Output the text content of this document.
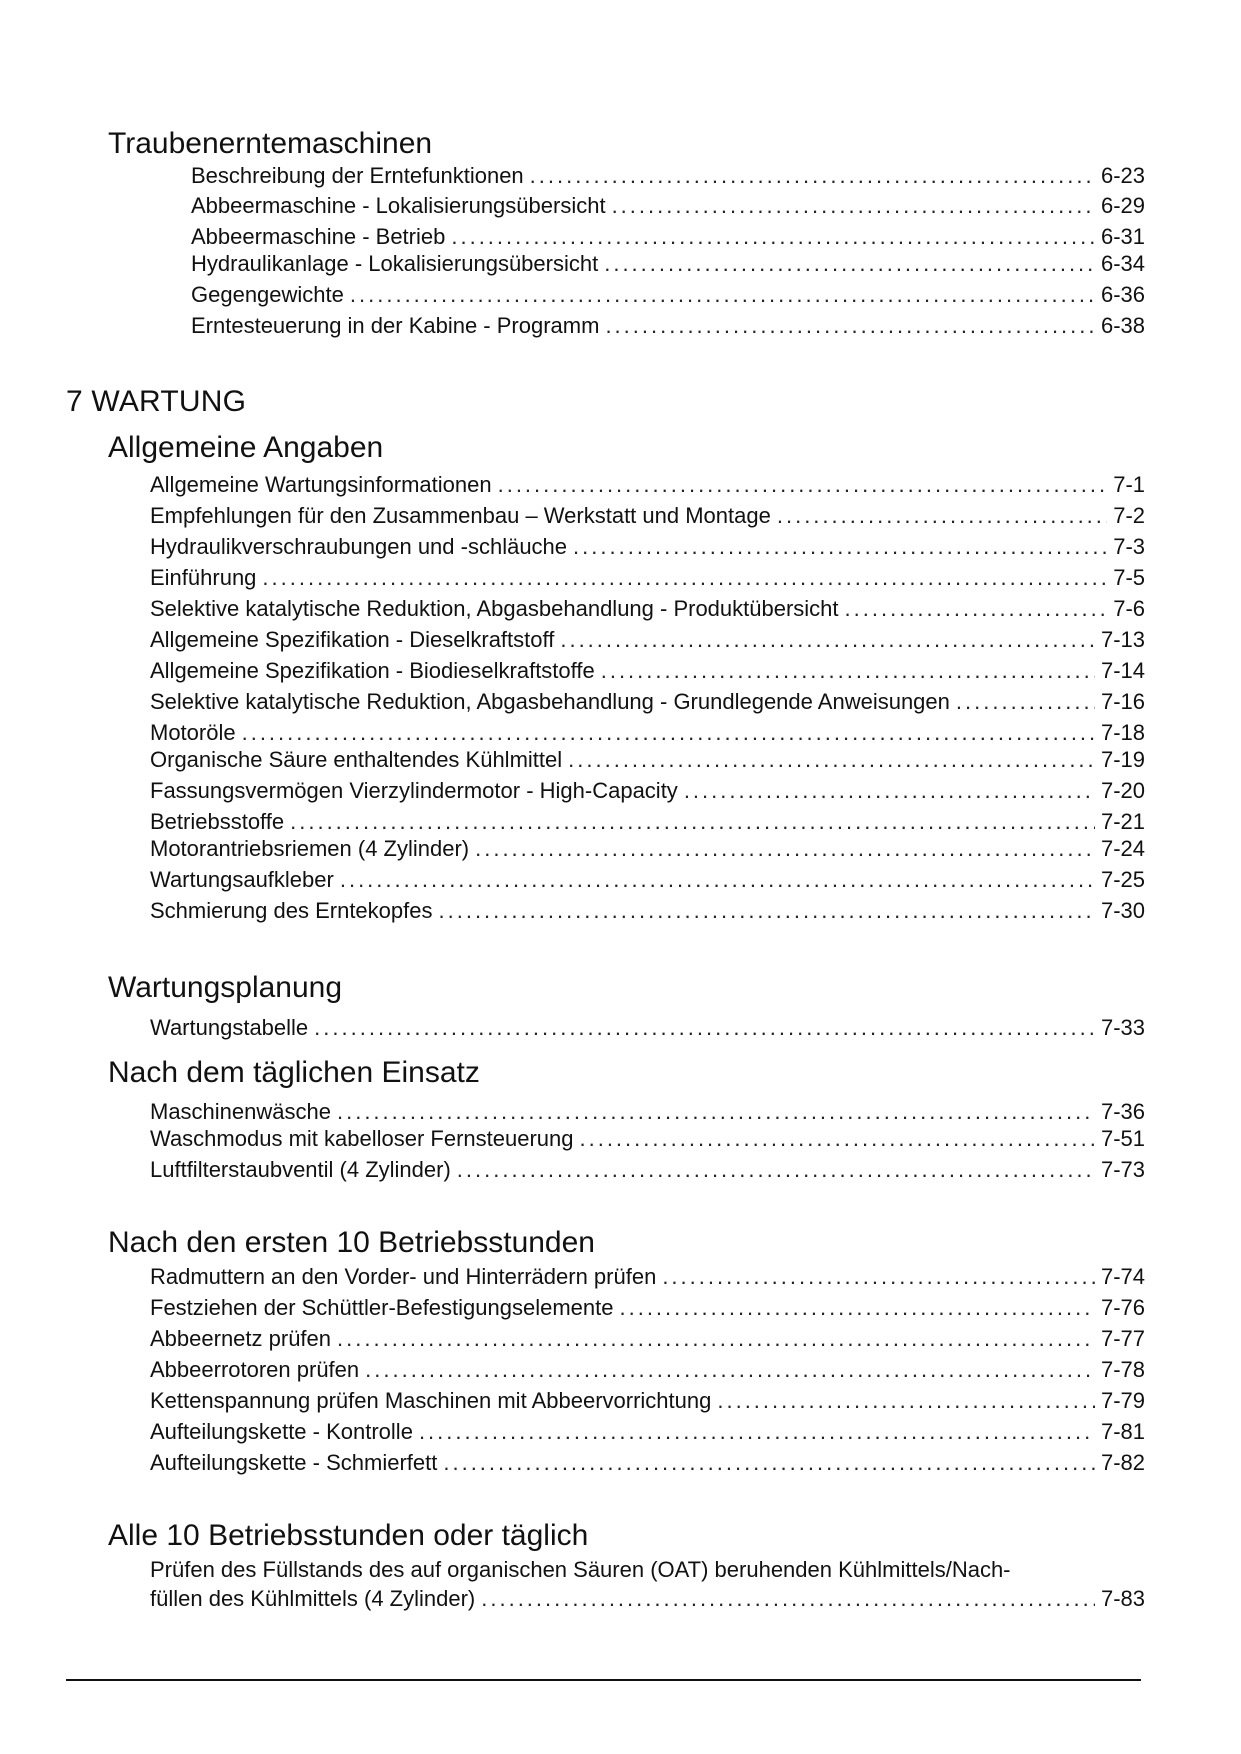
Traubenerntemaschinen
Beschreibung der Erntefunktionen .....	6-23
Abbeermaschine - Lokalisierungsübersicht .....	6-29
Abbeermaschine - Betrieb .....	6-31
Hydraulikanlage - Lokalisierungsübersicht .....	6-34
Gegengewichte .....	6-36
Erntesteuerung in der Kabine - Programm .....	6-38
7 WARTUNG
Allgemeine Angaben
Allgemeine Wartungsinformationen .....	7-1
Empfehlungen für den Zusammenbau – Werkstatt und Montage .....	7-2
Hydraulikverschraubungen und -schläuche .....	7-3
Einführung .....	7-5
Selektive katalytische Reduktion, Abgasbehandlung - Produktübersicht .....	7-6
Allgemeine Spezifikation - Dieselkraftstoff .....	7-13
Allgemeine Spezifikation - Biodieselkraftstoffe .....	7-14
Selektive katalytische Reduktion, Abgasbehandlung - Grundlegende Anweisungen .....	7-16
Motoröle .....	7-18
Organische Säure enthaltendes Kühlmittel .....	7-19
Fassungsvermögen Vierzylindermotor - High-Capacity .....	7-20
Betriebsstoffe .....	7-21
Motorantriebsriemen (4 Zylinder) .....	7-24
Wartungsaufkleber .....	7-25
Schmierung des Erntekopfes .....	7-30
Wartungsplanung
Wartungstabelle .....	7-33
Nach dem täglichen Einsatz
Maschinenwäsche .....	7-36
Waschmodus mit kabelloser Fernsteuerung .....	7-51
Luftfilterstaubventil (4 Zylinder) .....	7-73
Nach den ersten 10 Betriebsstunden
Radmuttern an den Vorder- und Hinterrädern prüfen .....	7-74
Festziehen der Schüttler-Befestigungselemente .....	7-76
Abbeernetz prüfen .....	7-77
Abbeerrotoren prüfen .....	7-78
Kettenspannung prüfen Maschinen mit Abbeervorrichtung .....	7-79
Aufteilungskette - Kontrolle .....	7-81
Aufteilungskette - Schmierfett .....	7-82
Alle 10 Betriebsstunden oder täglich
Prüfen des Füllstands des auf organischen Säuren (OAT) beruhenden Kühlmittels/Nach-
füllen des Kühlmittels (4 Zylinder) .....	7-83
